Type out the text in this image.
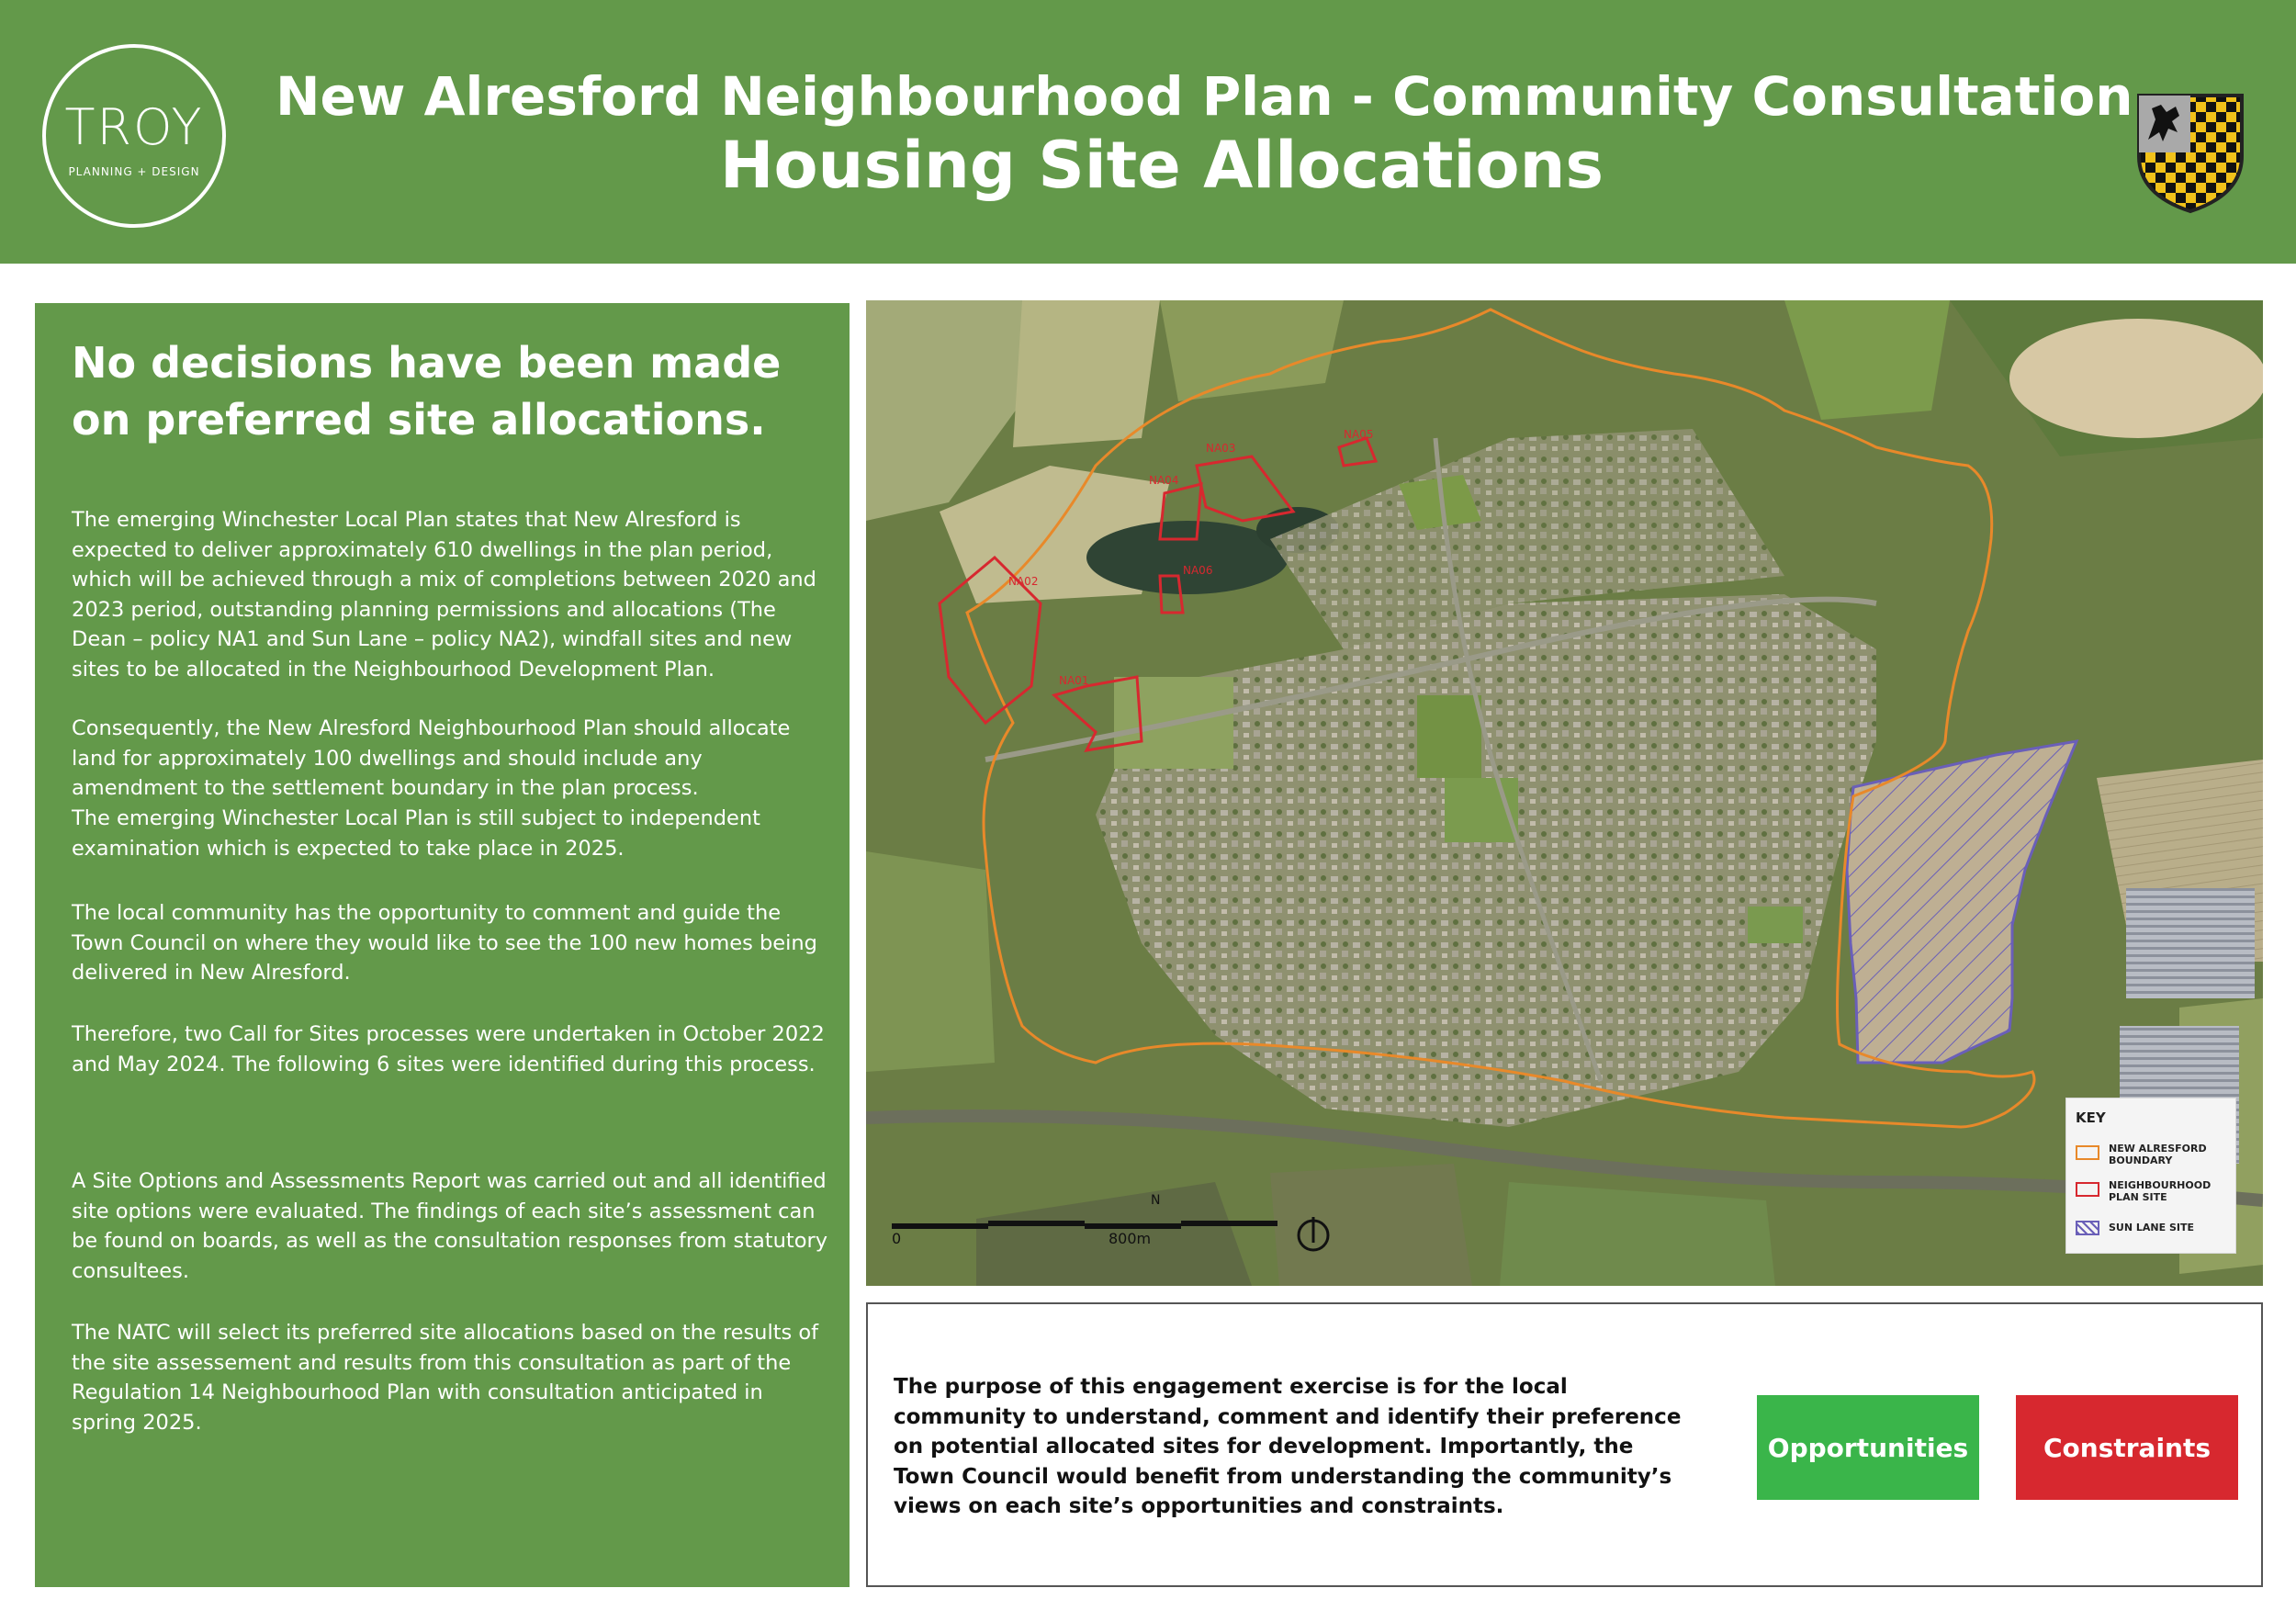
TROY
PLANNING + DESIGN
New Alresford Neighbourhood Plan - Community Consultation
Housing Site Allocations
No decisions have been made on preferred site allocations.
The emerging Winchester Local Plan states that New Alresford is expected to deliver approximately 610 dwellings in the plan period, which will be achieved through a mix of completions between 2020 and 2023 period, outstanding planning permissions and allocations (The Dean – policy NA1 and Sun Lane – policy NA2), windfall sites and new sites to be allocated in the Neighbourhood Development Plan.
Consequently, the New Alresford Neighbourhood Plan should allocate land for approximately 100 dwellings and should include any amendment to the settlement boundary in the plan process.
The emerging Winchester Local Plan is still subject to independent examination which is expected to take place in 2025.
The local community has the opportunity to comment and guide the Town Council on where they would like to see the 100 new homes being delivered in New Alresford.
Therefore, two Call for Sites processes were undertaken in October 2022 and May 2024. The following 6 sites were identified during this process.
A Site Options and Assessments Report was carried out and all identified site options were evaluated. The findings of each site’s assessment can be found on boards, as well as the consultation responses from statutory consultees.
The NATC will select its preferred site allocations based on the results of the site assessement and results from this consultation as part of the Regulation 14 Neighbourhood Plan with consultation anticipated in spring 2025.
NA02
NA03
NA04
NA05
NA06
NA01
0	800m
N
KEY
NEW ALRESFORD BOUNDARY
NEIGHBOURHOOD PLAN SITE
SUN LANE SITE
The purpose of this engagement exercise is for the local community to understand, comment and identify their preference on potential allocated sites for development. Importantly, the Town Council would benefit from understanding the community’s views on each site’s opportunities and constraints.
Opportunities	Constraints
